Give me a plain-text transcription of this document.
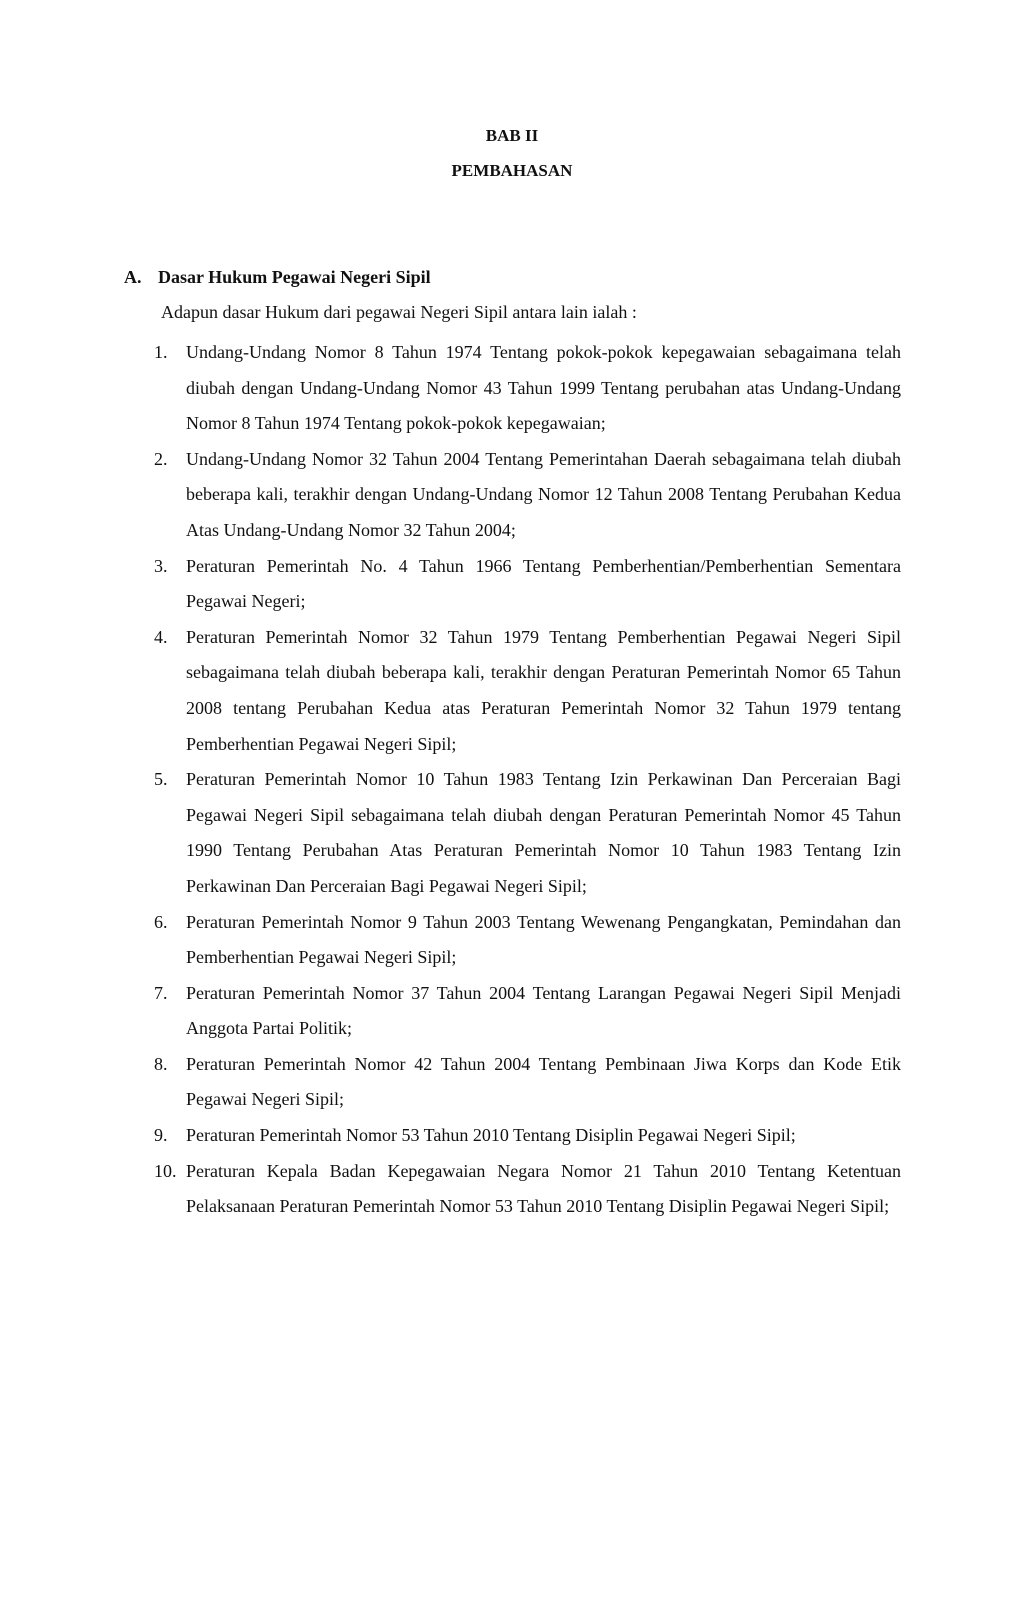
BAB II
PEMBAHASAN
A. Dasar Hukum Pegawai Negeri Sipil
Adapun dasar Hukum dari pegawai Negeri Sipil antara lain ialah :
1. Undang-Undang Nomor 8 Tahun 1974 Tentang pokok-pokok kepegawaian sebagaimana telah diubah dengan Undang-Undang Nomor 43 Tahun 1999 Tentang perubahan atas Undang-Undang Nomor 8 Tahun 1974 Tentang pokok-pokok kepegawaian;
2. Undang-Undang Nomor 32 Tahun 2004 Tentang Pemerintahan Daerah sebagaimana telah diubah beberapa kali, terakhir dengan Undang-Undang Nomor 12 Tahun 2008 Tentang Perubahan Kedua Atas Undang-Undang Nomor 32 Tahun 2004;
3. Peraturan Pemerintah No. 4 Tahun 1966 Tentang Pemberhentian/Pemberhentian Sementara Pegawai Negeri;
4. Peraturan Pemerintah Nomor 32 Tahun 1979 Tentang Pemberhentian Pegawai Negeri Sipil sebagaimana telah diubah beberapa kali, terakhir dengan Peraturan Pemerintah Nomor 65 Tahun 2008 tentang Perubahan Kedua atas Peraturan Pemerintah Nomor 32 Tahun 1979 tentang Pemberhentian Pegawai Negeri Sipil;
5. Peraturan Pemerintah Nomor 10 Tahun 1983 Tentang Izin Perkawinan Dan Perceraian Bagi Pegawai Negeri Sipil sebagaimana telah diubah dengan Peraturan Pemerintah Nomor 45 Tahun 1990 Tentang Perubahan Atas Peraturan Pemerintah Nomor 10 Tahun 1983 Tentang Izin Perkawinan Dan Perceraian Bagi Pegawai Negeri Sipil;
6. Peraturan Pemerintah Nomor 9 Tahun 2003 Tentang Wewenang Pengangkatan, Pemindahan dan Pemberhentian Pegawai Negeri Sipil;
7. Peraturan Pemerintah Nomor 37 Tahun 2004 Tentang Larangan Pegawai Negeri Sipil Menjadi Anggota Partai Politik;
8. Peraturan Pemerintah Nomor 42 Tahun 2004 Tentang Pembinaan Jiwa Korps dan Kode Etik Pegawai Negeri Sipil;
9. Peraturan Pemerintah Nomor 53 Tahun 2010 Tentang Disiplin Pegawai Negeri Sipil;
10. Peraturan Kepala Badan Kepegawaian Negara Nomor 21 Tahun 2010 Tentang Ketentuan Pelaksanaan Peraturan Pemerintah Nomor 53 Tahun 2010 Tentang Disiplin Pegawai Negeri Sipil;
